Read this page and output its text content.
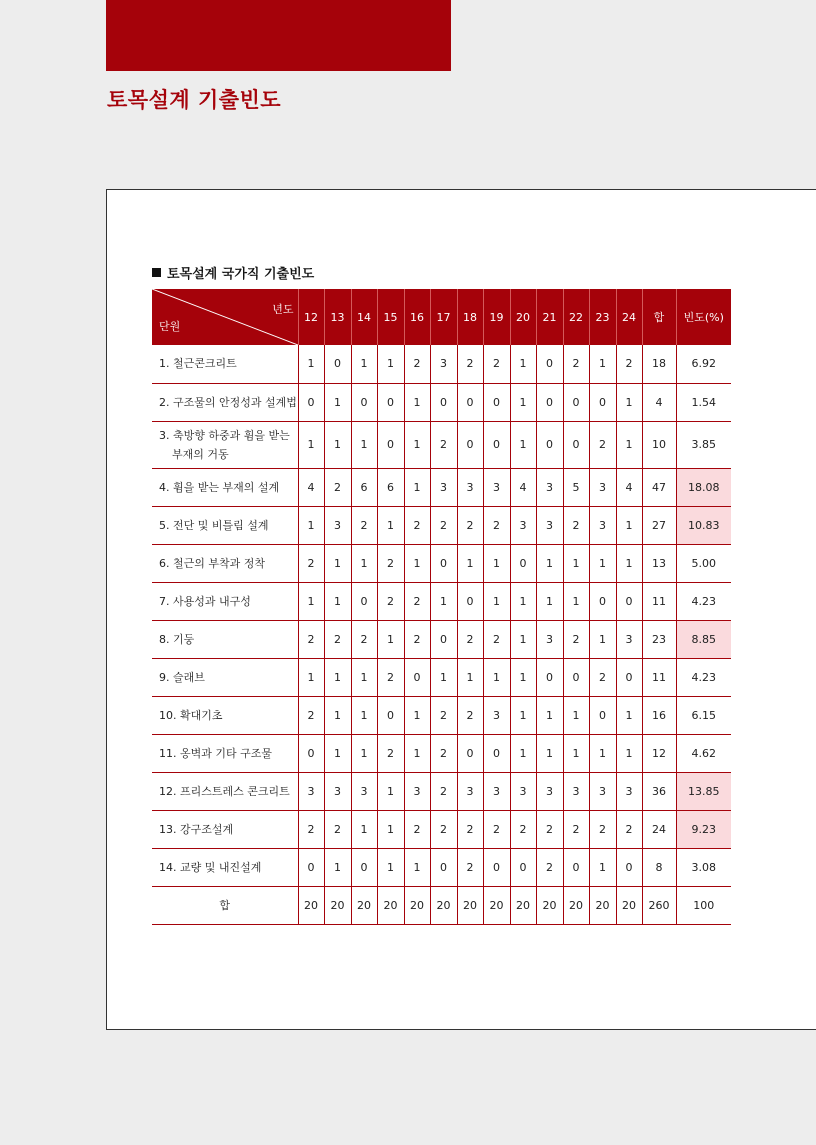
토목설계 기출빈도
토목설계 국가직 기출빈도
년도
단원	12	13	14	15	16	17	18	19	20	21	22	23	24	합	빈도(%)

1. 철근콘크리트	1	0	1	1	2	3	2	2	1	0	2	1	2	18	6.92

2. 구조물의 안정성과 설계법	0	1	0	0	1	0	0	0	1	0	0	0	1	4	1.54

3. 축방향 하중과 휨을 받는
부재의 거동	1	1	1	0	1	2	0	0	1	0	0	2	1	10	3.85

4. 휨을 받는 부재의 설계	4	2	6	6	1	3	3	3	4	3	5	3	4	47	18.08

5. 전단 및 비틀림 설계	1	3	2	1	2	2	2	2	3	3	2	3	1	27	10.83

6. 철근의 부착과 정착	2	1	1	2	1	0	1	1	0	1	1	1	1	13	5.00

7. 사용성과 내구성	1	1	0	2	2	1	0	1	1	1	1	0	0	11	4.23

8. 기둥	2	2	2	1	2	0	2	2	1	3	2	1	3	23	8.85

9. 슬래브	1	1	1	2	0	1	1	1	1	0	0	2	0	11	4.23

10. 확대기초	2	1	1	0	1	2	2	3	1	1	1	0	1	16	6.15

11. 옹벽과 기타 구조물	0	1	1	2	1	2	0	0	1	1	1	1	1	12	4.62

12. 프리스트레스 콘크리트	3	3	3	1	3	2	3	3	3	3	3	3	3	36	13.85

13. 강구조설계	2	2	1	1	2	2	2	2	2	2	2	2	2	24	9.23

14. 교량 및 내진설계	0	1	0	1	1	0	2	0	0	2	0	1	0	8	3.08
합	20	20	20	20	20	20	20	20	20	20	20	20	20	260	100
